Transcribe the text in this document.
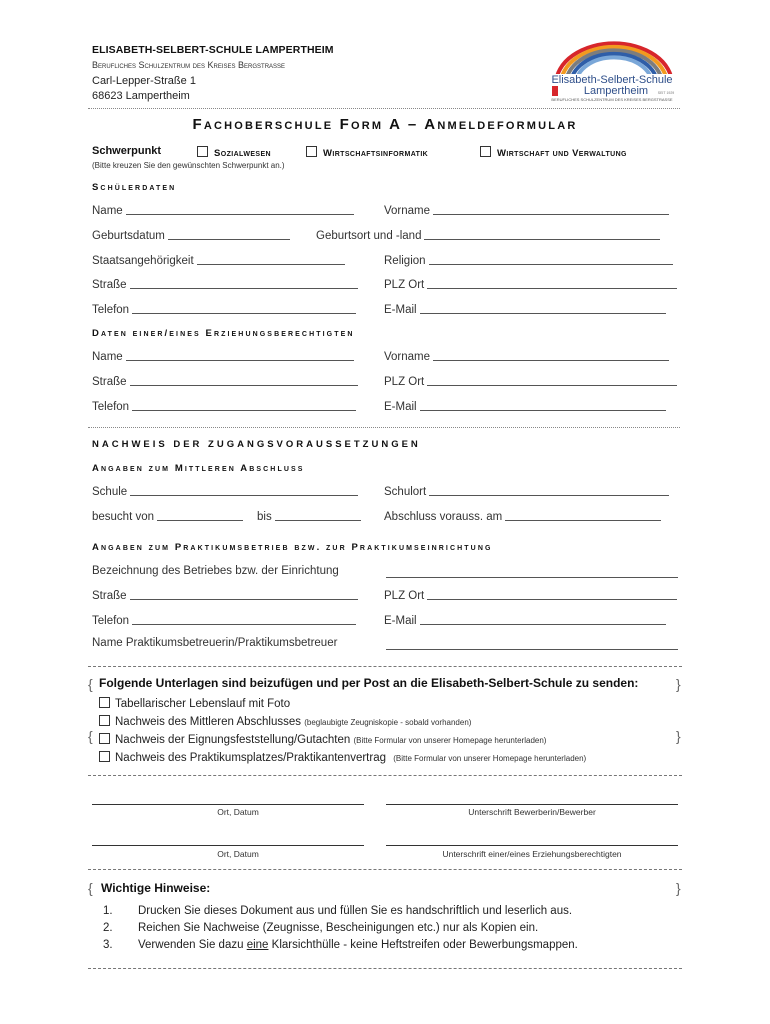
ELISABETH-SELBERT-SCHULE LAMPERTHEIM
Berufliches Schulzentrum des Kreises Bergstraße
Carl-Lepper-Straße 1
68623 Lampertheim
Elisabeth-Selbert-Schule
Lampertheim	SEIT 1929
BERUFLICHES SCHULZENTRUM DES KREISES BERGSTRASSE
Fachoberschule Form A – Anmeldeformular
Schwerpunkt	Sozialwesen	Wirtschaftsinformatik	Wirtschaft und Verwaltung
(Bitte kreuzen Sie den gewünschten Schwerpunkt an.)
Schülerdaten
Name	Vorname
Geburtsdatum	Geburtsort und -land
Staatsangehörigkeit	Religion
Straße	PLZ Ort
Telefon	E-Mail
Daten einer/eines Erziehungsberechtigten
Name	Vorname
Straße	PLZ Ort
Telefon	E-Mail
NACHWEIS DER ZUGANGSVORAUSSETZUNGEN
Angaben zum Mittleren Abschluss
Schule	Schulort
besucht von	bis	Abschluss vorauss. am
Angaben zum Praktikumsbetrieb bzw. zur Praktikumseinrichtung
Bezeichnung des Betriebes bzw. der Einrichtung
Straße	PLZ Ort
Telefon	E-Mail
Name Praktikumsbetreuerin/Praktikumsbetreuer
{	}
{	}
Folgende Unterlagen sind beizufügen und per Post an die Elisabeth-Selbert-Schule zu senden:
Tabellarischer Lebenslauf mit Foto
Nachweis des Mittleren Abschlusses (beglaubigte Zeugniskopie - sobald vorhanden)
Nachweis der Eignungsfeststellung/Gutachten (Bitte Formular von unserer Homepage herunterladen)
Nachweis des Praktikumsplatzes/Praktikantenvertrag (Bitte Formular von unserer Homepage herunterladen)
Ort, Datum	Unterschrift Bewerberin/Bewerber
Ort, Datum	Unterschrift einer/eines Erziehungsberechtigten
{	}
Wichtige Hinweise:
1. Drucken Sie dieses Dokument aus und füllen Sie es handschriftlich und leserlich aus.
2. Reichen Sie Nachweise (Zeugnisse, Bescheinigungen etc.) nur als Kopien ein.
3. Verwenden Sie dazu eine Klarsichthülle - keine Heftstreifen oder Bewerbungsmappen.
